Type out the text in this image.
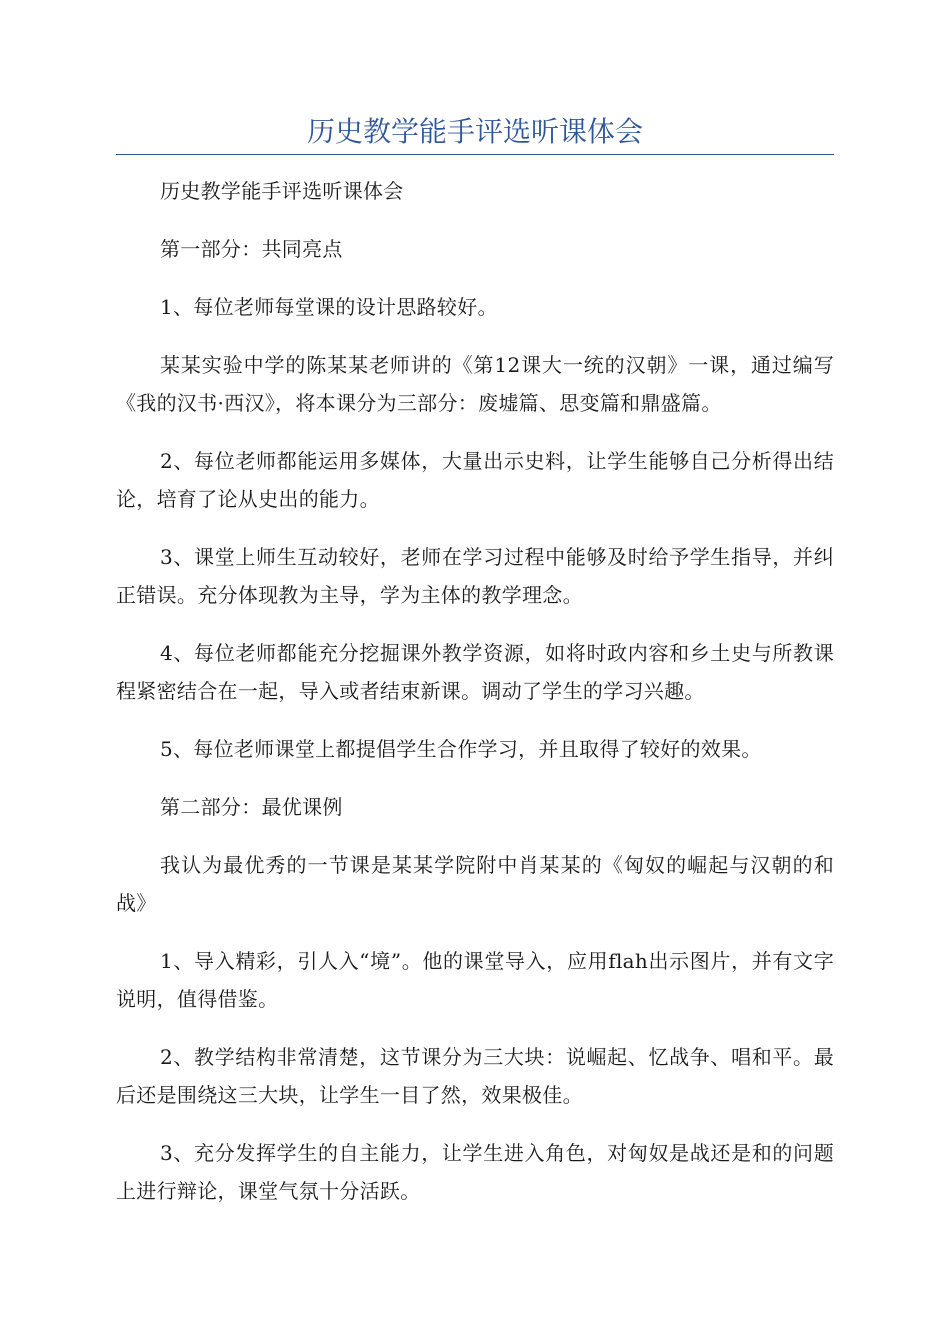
历史教学能手评选听课体会

历史教学能手评选听课体会

第一部分：共同亮点

1、每位老师每堂课的设计思路较好。

某某实验中学的陈某某老师讲的《第12课大一统的汉朝》一课，通过编写《我的汉书·西汉》，将本课分为三部分：废墟篇、思变篇和鼎盛篇。

2、每位老师都能运用多媒体，大量出示史料，让学生能够自己分析得出结论，培育了论从史出的能力。

3、课堂上师生互动较好，老师在学习过程中能够及时给予学生指导，并纠正错误。充分体现教为主导，学为主体的教学理念。

4、每位老师都能充分挖掘课外教学资源，如将时政内容和乡土史与所教课程紧密结合在一起，导入或者结束新课。调动了学生的学习兴趣。

5、每位老师课堂上都提倡学生合作学习，并且取得了较好的效果。

第二部分：最优课例

我认为最优秀的一节课是某某学院附中肖某某的《匈奴的崛起与汉朝的和战》

1、导入精彩，引人入“境”。他的课堂导入，应用flah出示图片，并有文字说明，值得借鉴。

2、教学结构非常清楚，这节课分为三大块：说崛起、忆战争、唱和平。最后还是围绕这三大块，让学生一目了然，效果极佳。

3、充分发挥学生的自主能力，让学生进入角色，对匈奴是战还是和的问题上进行辩论，课堂气氛十分活跃。
